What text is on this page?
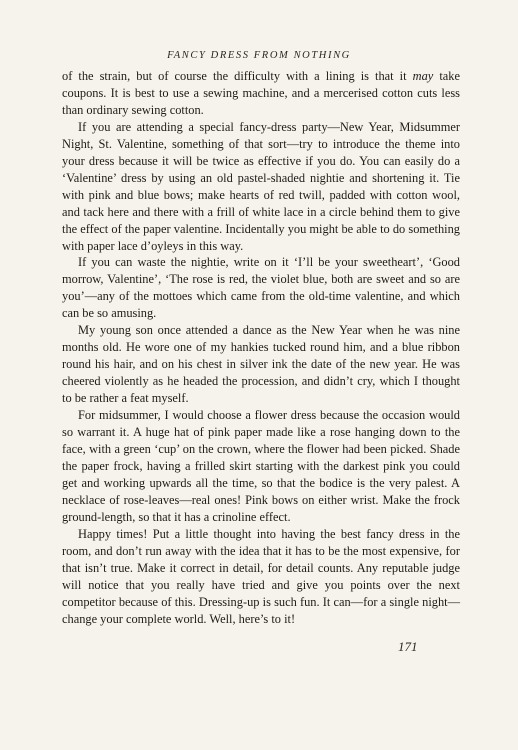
FANCY DRESS FROM NOTHING

of the strain, but of course the difficulty with a lining is that it may take coupons. It is best to use a sewing machine, and a mercerised cotton cuts less than ordinary sewing cotton.

If you are attending a special fancy-dress party—New Year, Midsummer Night, St. Valentine, something of that sort—try to introduce the theme into your dress because it will be twice as effective if you do. You can easily do a ‘Valentine’ dress by using an old pastel-shaded nightie and shortening it. Tie with pink and blue bows; make hearts of red twill, padded with cotton wool, and tack here and there with a frill of white lace in a circle behind them to give the effect of the paper valentine. Incidentally you might be able to do something with paper lace d’oyleys in this way.

If you can waste the nightie, write on it ‘I’ll be your sweetheart’, ‘Good morrow, Valentine’, ‘The rose is red, the violet blue, both are sweet and so are you’—any of the mottoes which came from the old-time valentine, and which can be so amusing.

My young son once attended a dance as the New Year when he was nine months old. He wore one of my hankies tucked round him, and a blue ribbon round his hair, and on his chest in silver ink the date of the new year. He was cheered violently as he headed the procession, and didn’t cry, which I thought to be rather a feat myself.

For midsummer, I would choose a flower dress because the occasion would so warrant it. A huge hat of pink paper made like a rose hanging down to the face, with a green ‘cup’ on the crown, where the flower had been picked. Shade the paper frock, having a frilled skirt starting with the darkest pink you could get and working upwards all the time, so that the bodice is the very palest. A necklace of rose-leaves—real ones! Pink bows on either wrist. Make the frock ground-length, so that it has a crinoline effect.

Happy times! Put a little thought into having the best fancy dress in the room, and don’t run away with the idea that it has to be the most expensive, for that isn’t true. Make it correct in detail, for detail counts. Any reputable judge will notice that you really have tried and give you points over the next competitor because of this. Dressing-up is such fun. It can—for a single night—change your complete world. Well, here’s to it!

171
